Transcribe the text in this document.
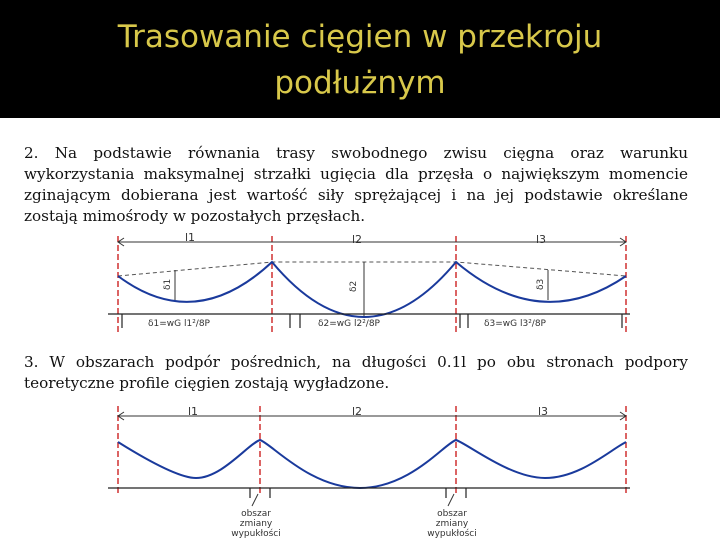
Trasowanie cięgien w przekroju
podłużnym
2. Na podstawie równania trasy swobodnego zwisu cięgna oraz warunku wykorzystania maksymalnej strzałki ugięcia dla przęsła o największym momencie zginającym dobierana jest wartość siły sprężającej i na jej podstawie określane zostają mimośrody w pozostałych przęsłach.
l1	l2	l3
δ1	δ2	δ3
δ1=wG l1²/8P	δ2=wG l2²/8P	δ3=wG l3²/8P
3. W obszarach podpór pośrednich, na długości 0.1l po obu stronach podpory teoretyczne profile cięgien zostają wygładzone.
l1	l2	l3
obszar zmiany wypukłości
obszar zmiany wypukłości
